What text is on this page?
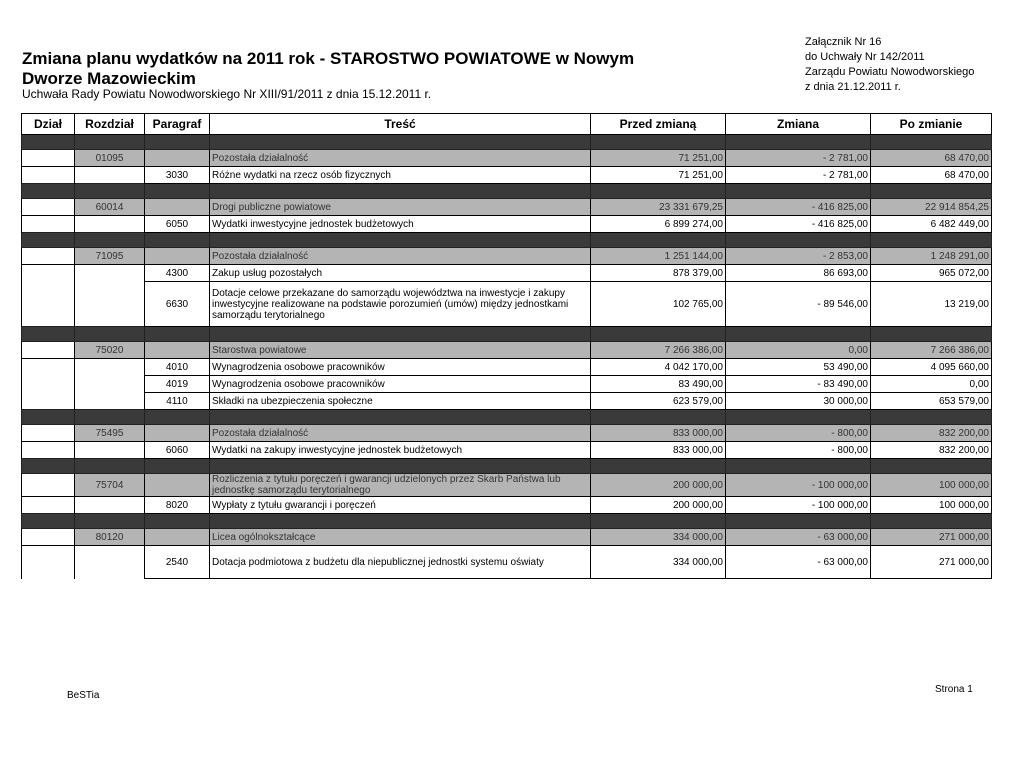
Zmiana planu wydatków na 2011 rok - STAROSTWO POWIATOWE w Nowym Dworze Mazowieckim
Uchwała Rady Powiatu Nowodworskiego Nr XIII/91/2011 z dnia 15.12.2011 r.
Załącznik Nr 16
do Uchwały Nr 142/2011
Zarządu Powiatu Nowodworskiego
z dnia 21.12.2011 r.
Dział	Rozdział	Paragraf	Treść	Przed zmianą	Zmiana	Po zmianie

	01095		Pozostała działalność	71 251,00	- 2 781,00	68 470,00
		3030	Różne wydatki na rzecz osób fizycznych	71 251,00	- 2 781,00	68 470,00

	60014		Drogi publiczne powiatowe	23 331 679,25	- 416 825,00	22 914 854,25
		6050	Wydatki inwestycyjne jednostek budżetowych	6 899 274,00	- 416 825,00	6 482 449,00

	71095		Pozostała działalność	1 251 144,00	- 2 853,00	1 248 291,00
		4300	Zakup usług pozostałych	878 379,00	86 693,00	965 072,00
		6630	Dotacje celowe przekazane do samorządu województwa na inwestycje i zakupy inwestycyjne realizowane na podstawie porozumień (umów) między jednostkami samorządu terytorialnego	102 765,00	- 89 546,00	13 219,00

	75020		Starostwa powiatowe	7 266 386,00	0,00	7 266 386,00
		4010	Wynagrodzenia osobowe pracowników	4 042 170,00	53 490,00	4 095 660,00
		4019	Wynagrodzenia osobowe pracowników	83 490,00	- 83 490,00	0,00
		4110	Składki na ubezpieczenia społeczne	623 579,00	30 000,00	653 579,00

	75495		Pozostała działalność	833 000,00	- 800,00	832 200,00
		6060	Wydatki na zakupy inwestycyjne jednostek budżetowych	833 000,00	- 800,00	832 200,00

	75704		Rozliczenia z tytułu poręczeń i gwarancji udzielonych przez Skarb Państwa lub jednostkę samorządu terytorialnego	200 000,00	- 100 000,00	100 000,00
		8020	Wypłaty z tytułu gwarancji i poręczeń	200 000,00	- 100 000,00	100 000,00

	80120		Licea ogólnokształcące	334 000,00	- 63 000,00	271 000,00
		2540	Dotacja podmiotowa z budżetu dla niepublicznej jednostki systemu oświaty	334 000,00	- 63 000,00	271 000,00
BeSTia
Strona 1
